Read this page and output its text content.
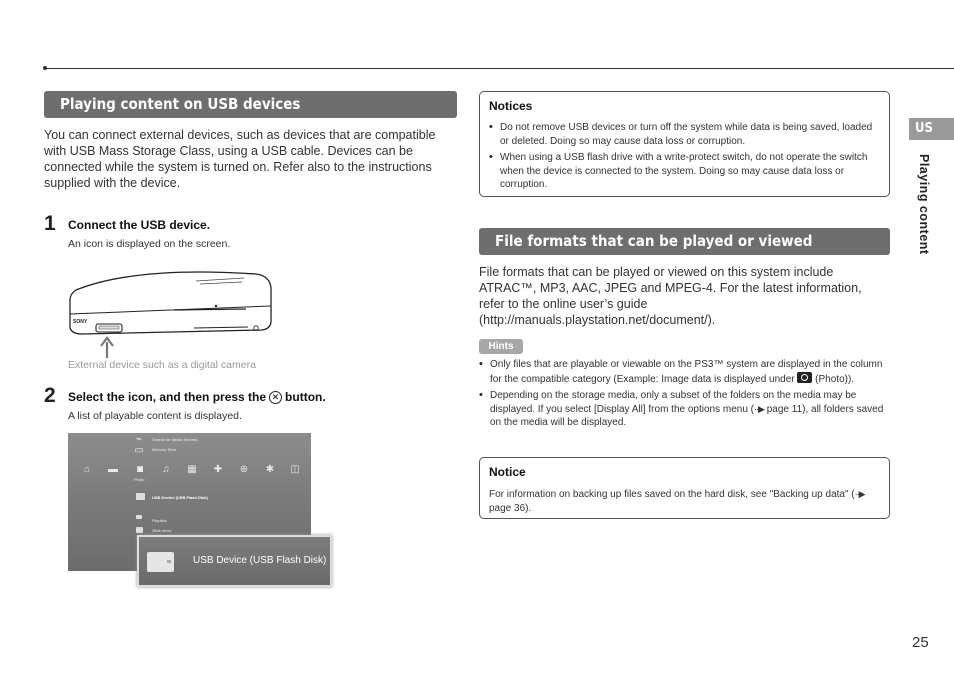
Playing content on USB devices

You can connect external devices, such as devices that are compatible with USB Mass Storage Class, using a USB cable. Devices can be connected while the system is turned on. Refer also to the instructions supplied with the device.

1 Connect the USB device.
An icon is displayed on the screen.
SONY
External device such as a digital camera
2 Select the icon, and then press the ✕ button.
A list of playable content is displayed.
Search for Media Servers
Memory Stick
⌁
▭
⌂ ▬ ◙ ♫ ▦ ✚ ⊕ ✱ ◫
Photo
USB Device (USB Flash Disk)
Playlists
Slide show
USB Device (USB Flash Disk)
Notices
• Do not remove USB devices or turn off the system while data is being saved, loaded or deleted. Doing so may cause data loss or corruption.
• When using a USB flash drive with a write-protect switch, do not operate the switch when the device is connected to the system. Doing so may cause data loss or corruption.
File formats that can be played or viewed

File formats that can be played or viewed on this system include ATRAC™, MP3, AAC, JPEG and MPEG-4. For the latest information, refer to the online user’s guide (http://manuals.playstation.net/document/).

Hints
• Only files that are playable or viewable on the PS3™ system are displayed in the column for the compatible category (Example: Image data is displayed under (Photo)).
• Depending on the storage media, only a subset of the folders on the media may be displayed. If you select [Display All] from the options menu (··▶ page 11), all folders saved on the media will be displayed.
Notice
For information on backing up files saved on the hard disk, see "Backing up data" (··▶ page 36).
US
Playing content
25
